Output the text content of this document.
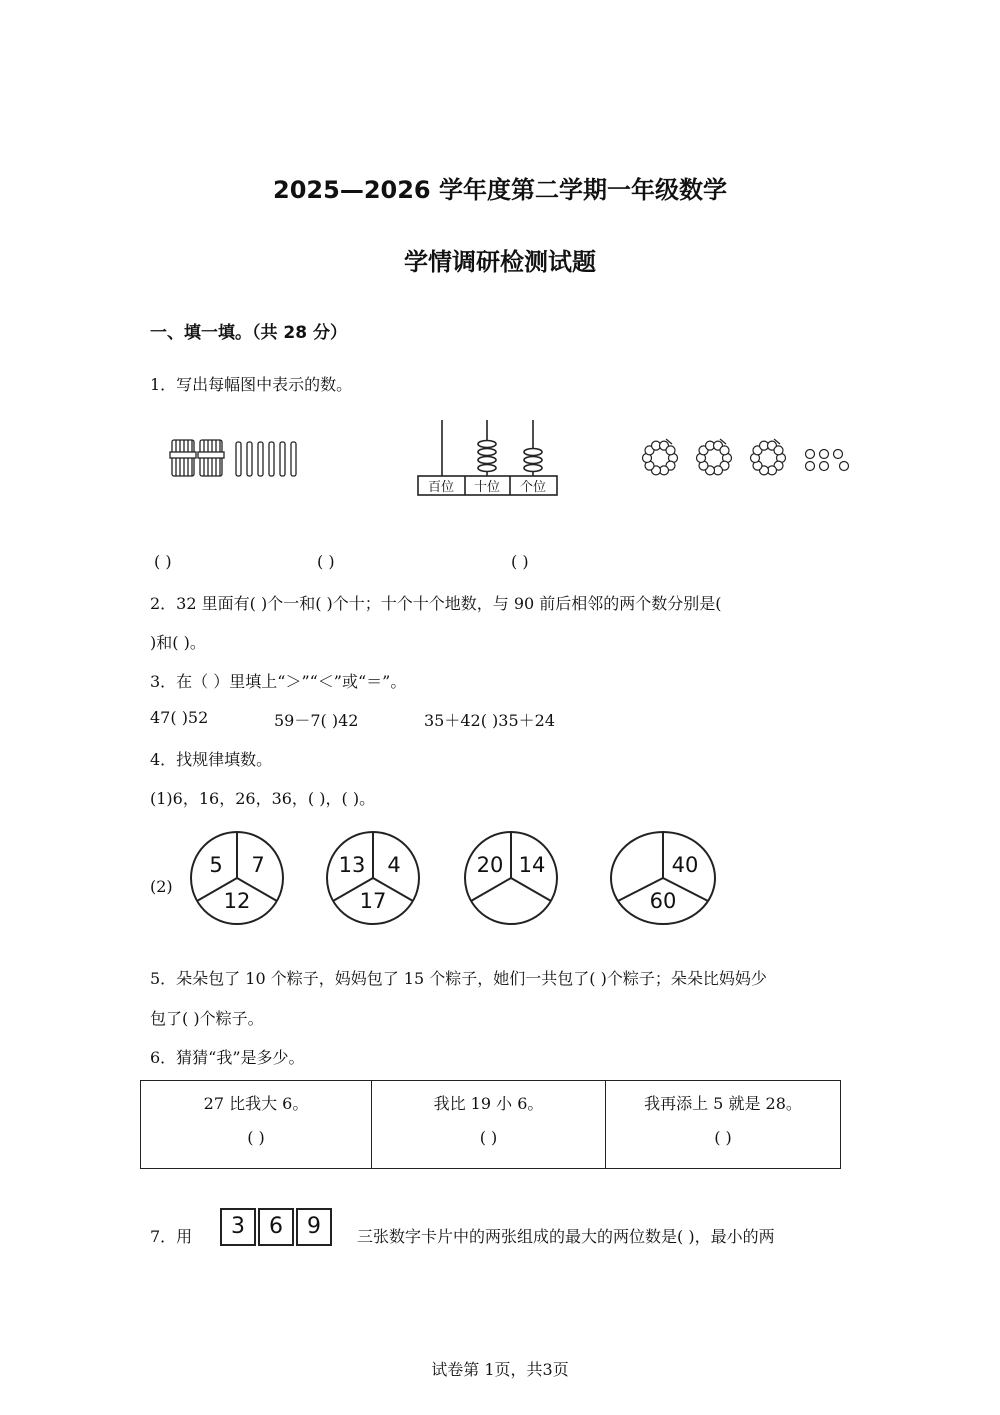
2025—2026 学年度第二学期一年级数学
学情调研检测试题
一、填一填。（共 28 分）
1．写出每幅图中表示的数。
百位 十位 个位
( )	( )	( )
2．32 里面有( )个一和( )个十；十个十个地数，与 90 前后相邻的两个数分别是(
)和( )。
3．在（ ）里填上“＞”“＜”或“＝”。
47( )52	59－7( )42	35＋42( )35＋24
4．找规律填数。
(1)6，16，26，36，( )，( )。
(2)
5 7
12
13 4
17
20 14	40
60
5．朵朵包了 10 个粽子，妈妈包了 15 个粽子，她们一共包了( )个粽子；朵朵比妈妈少
包了( )个粽子。
6．猜猜“我”是多少。
27 比我大 6。
( )
	我比 19 小 6。
( )
	我再添上 5 就是 28。
( )
7．用	3	6	9	三张数字卡片中的两张组成的最大的两位数是( )，最小的两
试卷第 1页，共3页
